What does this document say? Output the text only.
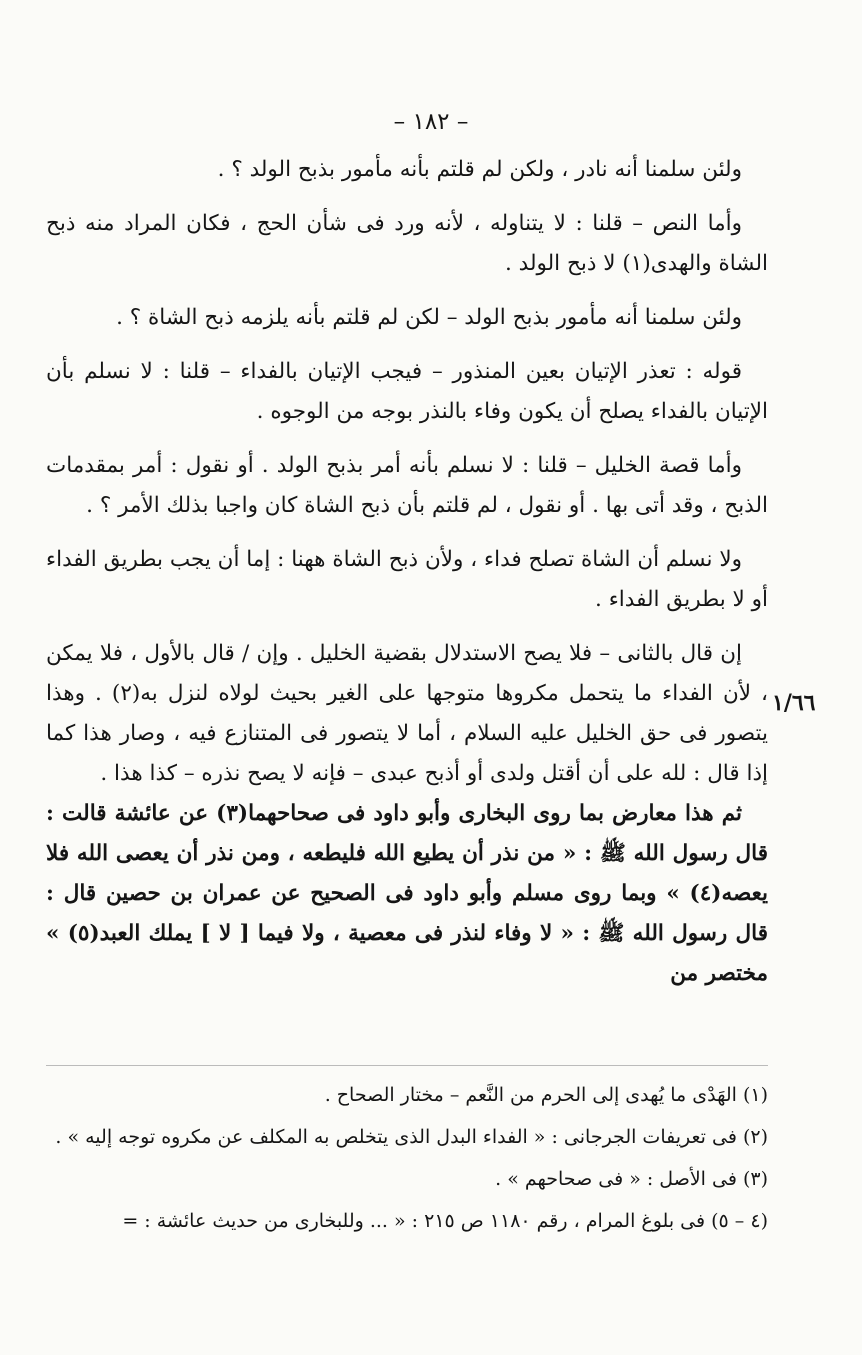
– ١٨٢ –
١/٦٦

ولئن سلمنا أنه نادر ، ولكن لم قلتم بأنه مأمور بذبح الولد ؟ .

وأما النص – قلنا : لا يتناوله ، لأنه ورد فى شأن الحج ، فكان المراد منه ذبح الشاة والهدى(١) لا ذبح الولد .

ولئن سلمنا أنه مأمور بذبح الولد – لكن لم قلتم بأنه يلزمه ذبح الشاة ؟ .

قوله : تعذر الإتيان بعين المنذور – فيجب الإتيان بالفداء – قلنا : لا نسلم بأن الإتيان بالفداء يصلح أن يكون وفاء بالنذر بوجه من الوجوه .

وأما قصة الخليل – قلنا : لا نسلم بأنه أمر بذبح الولد . أو نقول : أمر بمقدمات الذبح ، وقد أتى بها . أو نقول ، لم قلتم بأن ذبح الشاة كان واجبا بذلك الأمر ؟ .

ولا نسلم أن الشاة تصلح فداء ، ولأن ذبح الشاة ههنا : إما أن يجب بطريق الفداء أو لا بطريق الفداء .

إن قال بالثانى – فلا يصح الاستدلال بقضية الخليل . وإن / قال بالأول ، فلا يمكن ، لأن الفداء ما يتحمل مكروها متوجها على الغير بحيث لولاه لنزل به(٢) . وهذا يتصور فى حق الخليل عليه السلام ، أما لا يتصور فى المتنازع فيه ، وصار هذا كما إذا قال : لله على أن أقتل ولدى أو أذبح عبدى – فإنه لا يصح نذره – كذا هذا .

ثم هذا معارض بما روى البخارى وأبو داود فى صحاحهما(٣) عن عائشة قالت : قال رسول الله ﷺ : « من نذر أن يطيع الله فليطعه ، ومن نذر أن يعصى الله فلا يعصه(٤) » وبما روى مسلم وأبو داود فى الصحيح عن عمران بن حصين قال : قال رسول الله ﷺ : « لا وفاء لنذر فى معصية ، ولا فيما [ لا ] يملك العبد(٥) » مختصر من

(١) الهَدْى ما يُهدى إلى الحرم من النَّعم – مختار الصحاح .

(٢) فى تعريفات الجرجانى : « الفداء البدل الذى يتخلص به المكلف عن مكروه توجه إليه » .

(٣) فى الأصل : « فى صحاحهم » .

(٤ – ٥) فى بلوغ المرام ، رقم ١١٨٠ ص ٢١٥ : « ... وللبخارى من حديث عائشة : =
